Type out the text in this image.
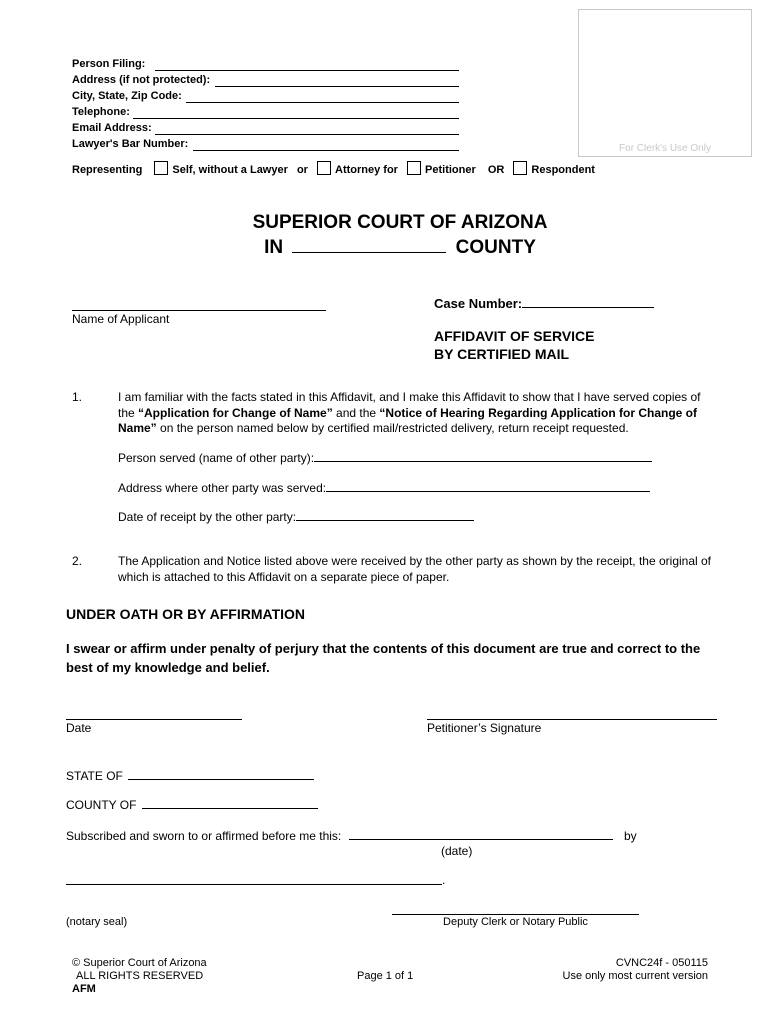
For Clerk's Use Only
Person Filing:
Address (if not protected):
City, State, Zip Code:
Telephone:
Email Address:
Lawyer's Bar Number:
Representing	Self, without a Lawyer or Attorney for Petitioner OR Respondent
SUPERIOR COURT OF ARIZONA
IN	COUNTY
Name of Applicant
Case Number:
AFFIDAVIT OF SERVICE
BY CERTIFIED MAIL
1.	I am familiar with the facts stated in this Affidavit, and I make this Affidavit to show that I have served copies of the “Application for Change of Name” and the “Notice of Hearing Regarding Application for Change of Name” on the person named below by certified mail/restricted delivery, return receipt requested.
Person served (name of other party):
Address where other party was served:
Date of receipt by the other party:
2.	The Application and Notice listed above were received by the other party as shown by the receipt, the original of which is attached to this Affidavit on a separate piece of paper.
UNDER OATH OR BY AFFIRMATION
I swear or affirm under penalty of perjury that the contents of this document are true and correct to the best of my knowledge and belief.
Date	Petitioner’s Signature
STATE OF
COUNTY OF
Subscribed and sworn to or affirmed before me this:	by
(date)
.
(notary seal)	Deputy Clerk or Notary Public
© Superior Court of Arizona
ALL RIGHTS RESERVED
AFM
Page 1 of 1
CVNC24f - 050115
Use only most current version
